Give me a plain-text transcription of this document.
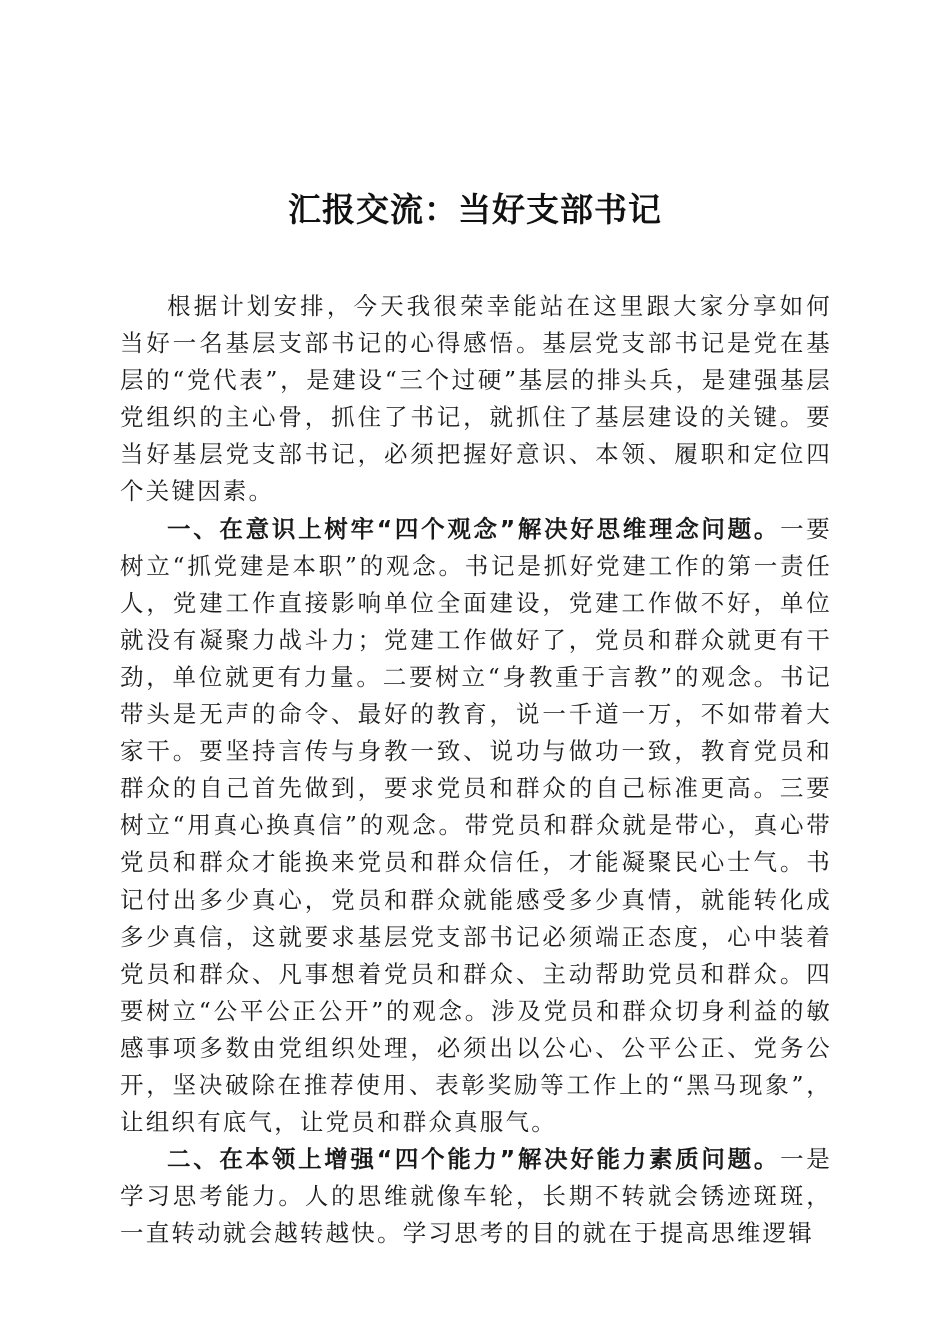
汇报交流：当好支部书记

根据计划安排，今天我很荣幸能站在这里跟大家分享如何当好一名基层支部书记的心得感悟。基层党支部书记是党在基层的“党代表”，是建设“三个过硬”基层的排头兵，是建强基层党组织的主心骨，抓住了书记，就抓住了基层建设的关键。要当好基层党支部书记，必须把握好意识、本领、履职和定位四个关键因素。

一、在意识上树牢“四个观念”解决好思维理念问题。一要树立“抓党建是本职”的观念。书记是抓好党建工作的第一责任人，党建工作直接影响单位全面建设，党建工作做不好，单位就没有凝聚力战斗力；党建工作做好了，党员和群众就更有干劲，单位就更有力量。二要树立“身教重于言教”的观念。书记带头是无声的命令、最好的教育，说一千道一万，不如带着大家干。要坚持言传与身教一致、说功与做功一致，教育党员和群众的自己首先做到，要求党员和群众的自己标准更高。三要树立“用真心换真信”的观念。带党员和群众就是带心，真心带党员和群众才能换来党员和群众信任，才能凝聚民心士气。书记付出多少真心，党员和群众就能感受多少真情，就能转化成多少真信，这就要求基层党支部书记必须端正态度，心中装着党员和群众、凡事想着党员和群众、主动帮助党员和群众。四要树立“公平公正公开”的观念。涉及党员和群众切身利益的敏感事项多数由党组织处理，必须出以公心、公平公正、党务公开，坚决破除在推荐使用、表彰奖励等工作上的“黑马现象”，让组织有底气，让党员和群众真服气。

二、在本领上增强“四个能力”解决好能力素质问题。一是学习思考能力。人的思维就像车轮，长期不转就会锈迹斑斑，一直转动就会越转越快。学习思考的目的就在于提高思维逻辑
